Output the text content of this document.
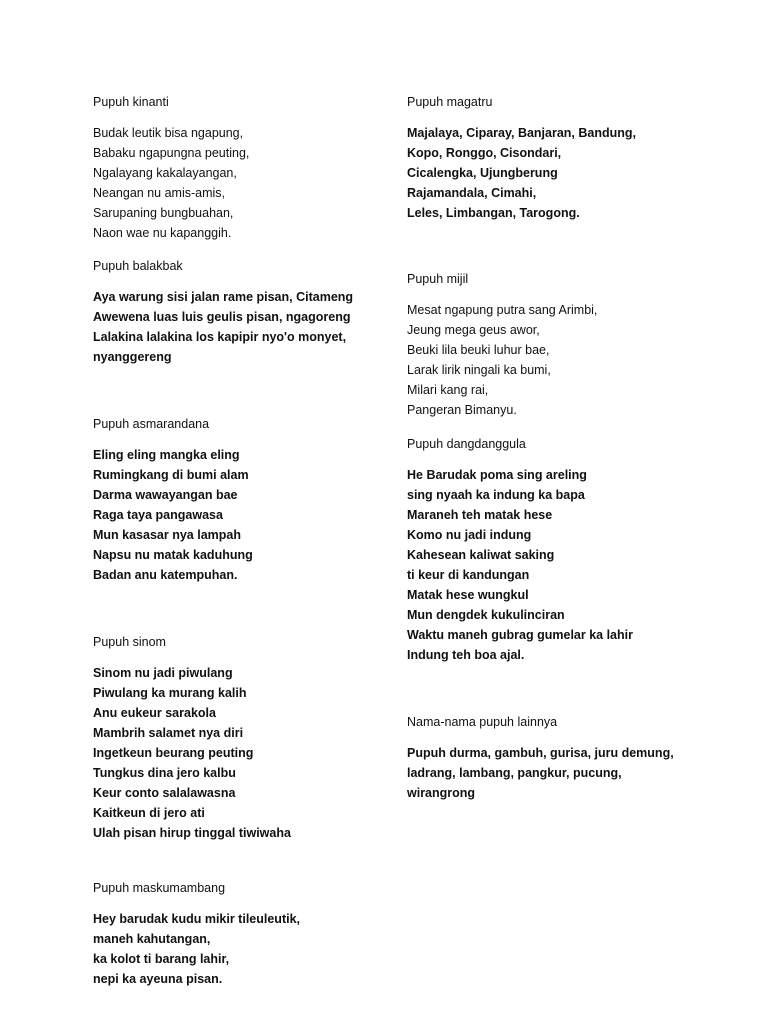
Pupuh kinanti
Budak leutik bisa ngapung,
Babaku ngapungna peuting,
Ngalayang kakalayangan,
Neangan nu amis-amis,
Sarupaning bungbuahan,
Naon wae nu kapanggih.
Pupuh balakbak
Aya warung sisi jalan rame pisan, Citameng
Awewena luas luis geulis pisan, ngagoreng
Lalakina lalakina los kapipir nyo'o monyet,
nyanggereng
Pupuh asmarandana
Eling eling mangka eling
Rumingkang di bumi alam
Darma wawayangan bae
Raga taya pangawasa
Mun kasasar nya lampah
Napsu nu matak kaduhung
Badan anu katempuhan.
Pupuh sinom
Sinom nu jadi piwulang
Piwulang ka murang kalih
Anu eukeur sarakola
Mambrih salamet nya diri
Ingetkeun beurang peuting
Tungkus dina jero kalbu
Keur conto salalawasna
Kaitkeun di jero ati
Ulah pisan hirup tinggal tiwiwaha
Pupuh maskumambang
Hey barudak kudu mikir tileuleutik,
maneh kahutangan,
ka kolot ti barang lahir,
nepi ka ayeuna pisan.
Pupuh magatru
Majalaya, Ciparay, Banjaran, Bandung,
Kopo, Ronggo, Cisondari,
Cicalengka, Ujungberung
Rajamandala, Cimahi,
Leles, Limbangan, Tarogong.
Pupuh mijil
Mesat ngapung putra sang Arimbi,
Jeung mega geus awor,
Beuki lila beuki luhur bae,
Larak lirik ningali ka bumi,
Milari kang rai,
Pangeran Bimanyu.
Pupuh dangdanggula
He Barudak poma sing areling
sing nyaah ka indung ka bapa
Maraneh teh matak hese
Komo nu jadi indung
Kahesean kaliwat saking
ti keur di kandungan
Matak hese wungkul
Mun dengdek kukulinciran
Waktu maneh gubrag gumelar ka lahir
Indung teh boa ajal.
Nama-nama pupuh lainnya
Pupuh durma, gambuh, gurisa, juru demung,
ladrang, lambang, pangkur, pucung,
wirangrong
